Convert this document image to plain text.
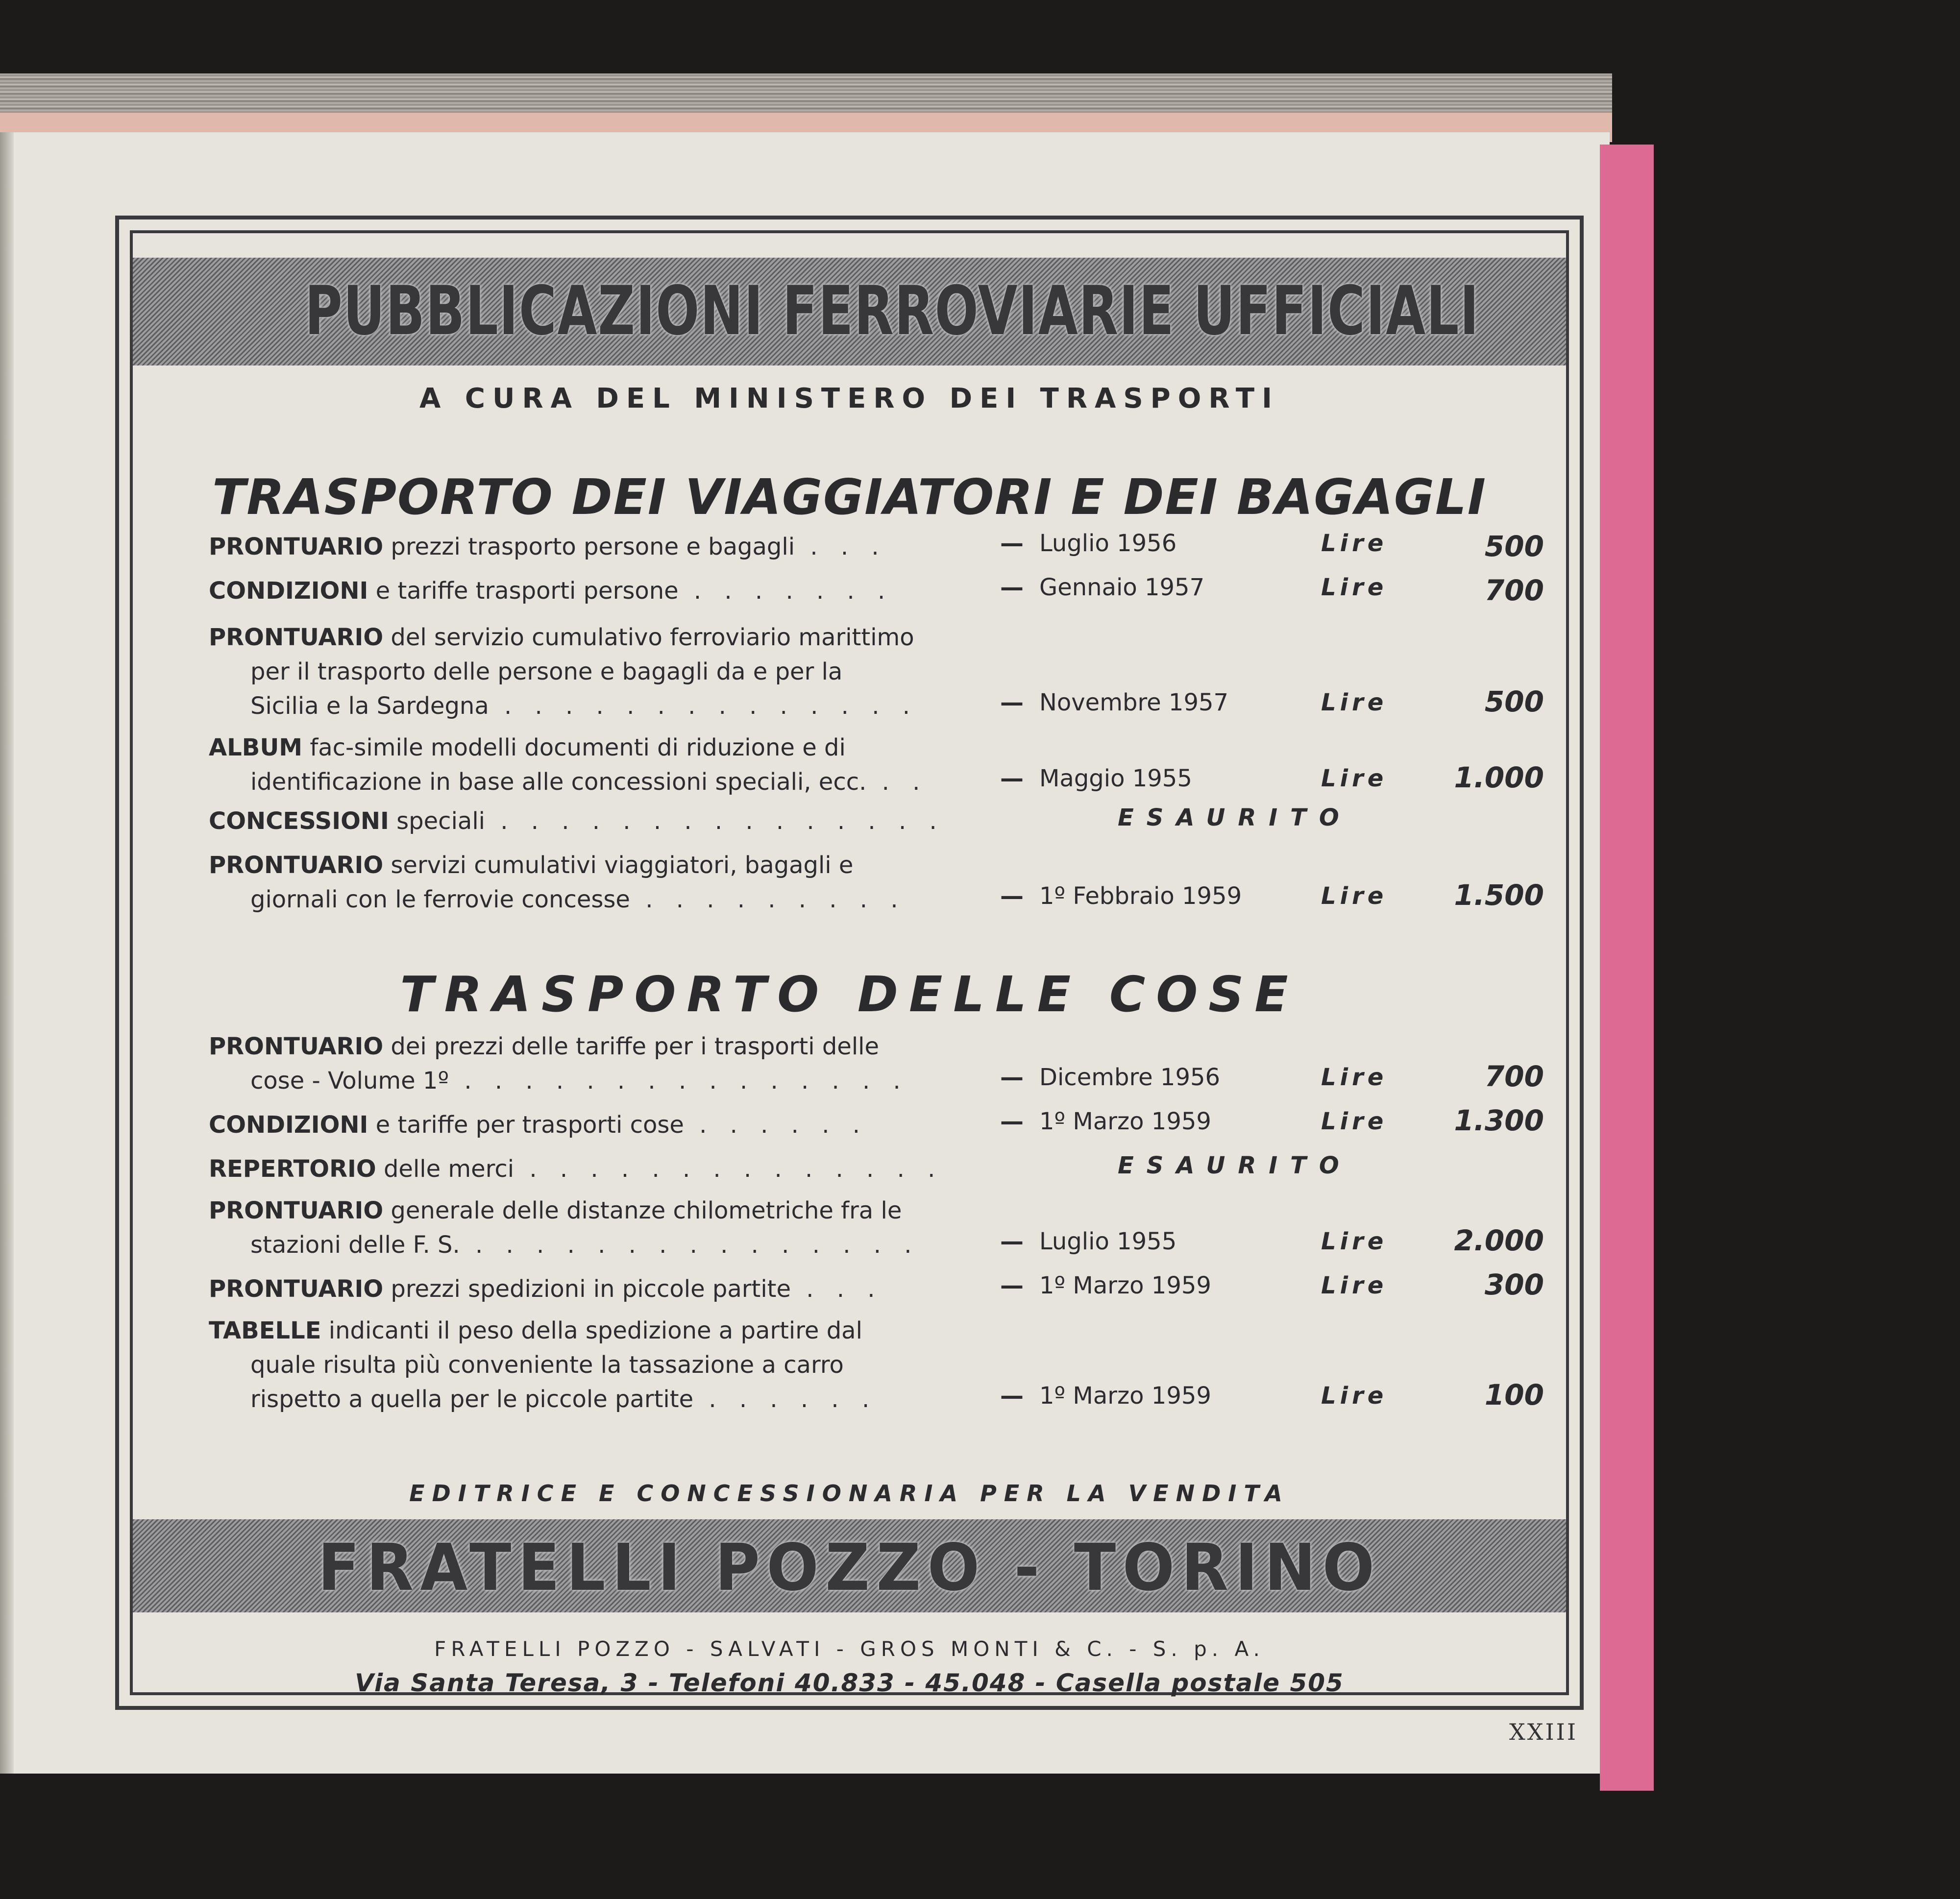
PUBBLICAZIONI FERROVIARIE UFFICIALI
A CURA DEL MINISTERO DEI TRASPORTI
TRASPORTO DEI VIAGGIATORI E DEI BAGAGLI
PRONTUARIO prezzi trasporto persone e bagagli . . .	— Luglio 1956	Lire	500
CONDIZIONI e tariffe trasporti persone . . . . . . .	— Gennaio 1957	Lire	700
PRONTUARIO del servizio cumulativo ferroviario marittimo
per il trasporto delle persone e bagagli da e per la
Sicilia e la Sardegna . . . . . . . . . . . . . .	— Novembre 1957	Lire	500
ALBUM fac-simile modelli documenti di riduzione e di
identificazione in base alle concessioni speciali, ecc. . .	— Maggio 1955	Lire	1.000
CONCESSIONI speciali . . . . . . . . . . . . . . .	ESAURITO
PRONTUARIO servizi cumulativi viaggiatori, bagagli e
giornali con le ferrovie concesse . . . . . . . . .	— 1º Febbraio 1959	Lire	1.500
TRASPORTO DELLE COSE
PRONTUARIO dei prezzi delle tariffe per i trasporti delle
cose - Volume 1º . . . . . . . . . . . . . . .	— Dicembre 1956	Lire	700
CONDIZIONI e tariffe per trasporti cose . . . . . .	— 1º Marzo 1959	Lire	1.300
REPERTORIO delle merci . . . . . . . . . . . . . .	ESAURITO
PRONTUARIO generale delle distanze chilometriche fra le
stazioni delle F. S. . . . . . . . . . . . . . . .	— Luglio 1955	Lire	2.000
PRONTUARIO prezzi spedizioni in piccole partite . . .	— 1º Marzo 1959	Lire	300
TABELLE indicanti il peso della spedizione a partire dal
quale risulta più conveniente la tassazione a carro
rispetto a quella per le piccole partite . . . . . .	— 1º Marzo 1959	Lire	100
EDITRICE E CONCESSIONARIA PER LA VENDITA
FRATELLI POZZO - TORINO
FRATELLI POZZO - SALVATI - GROS MONTI & C. - S. p. A.
Via Santa Teresa, 3 - Telefoni 40.833 - 45.048 - Casella postale 505
XXIII
